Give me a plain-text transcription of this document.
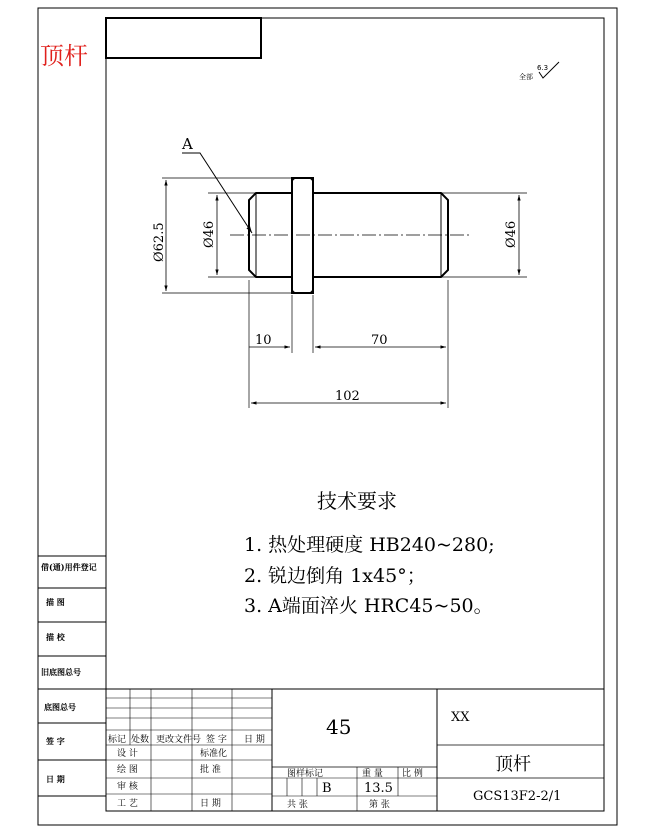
顶杆
全部
6.3
A
Ø62.5	Ø46	Ø46
10	70
102
技术要求
1. 热处理硬度 HB240~280;
2. 锐边倒角 1x45°；
3. A端面淬火 HRC45~50。
借(通)用件登记
描 图
描 校
旧底图总号
底图总号
签 字
日 期
标记 处数 更改文件号 签 字 日 期
设 计	标准化
绘 图	批 准
审 核
工 艺	日 期
45
图样标记	重 量 比 例
B 13.5
共 张	第 张
XX
顶杆
GCS13F2-2/1
